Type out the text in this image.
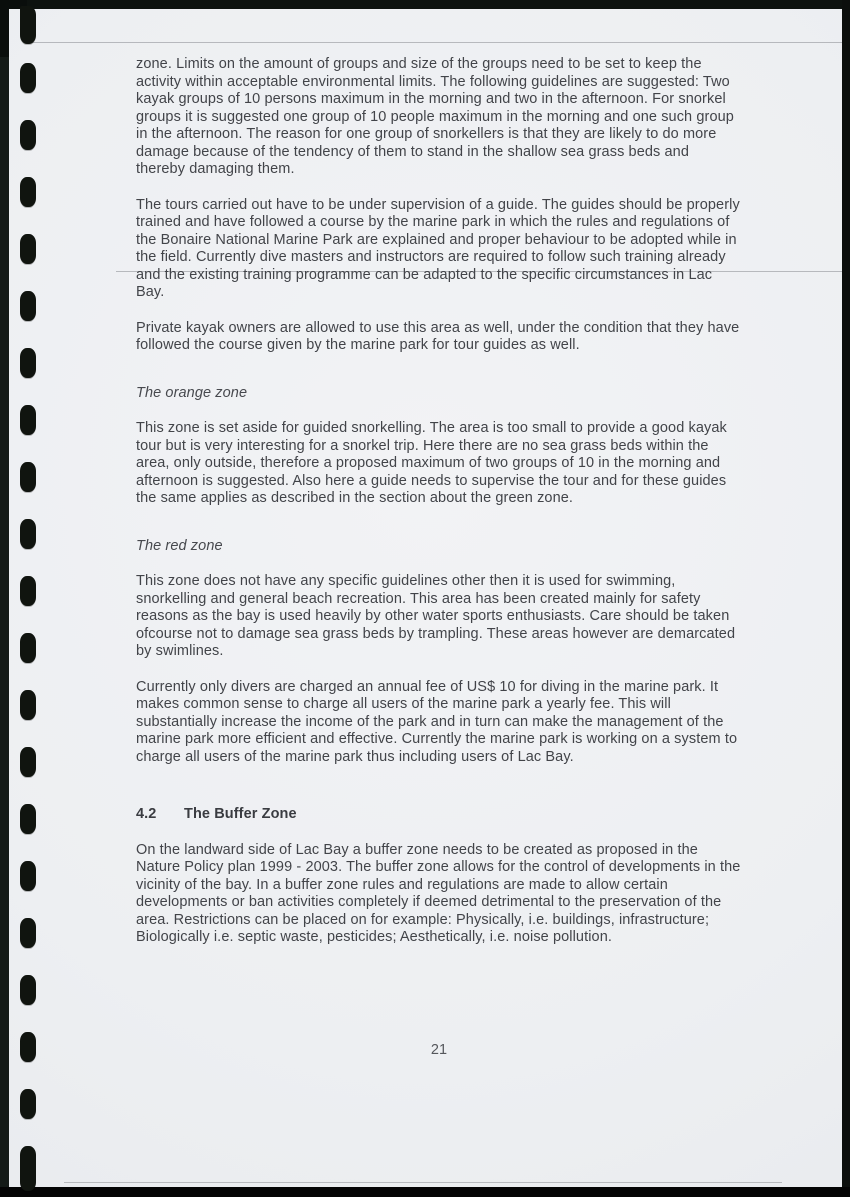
zone. Limits on the amount of groups and size of the groups need to be set to keep the activity within acceptable environmental limits. The following guidelines are suggested: Two kayak groups of 10 persons maximum in the morning and two in the afternoon. For snorkel groups it is suggested one group of 10 people maximum in the morning and one such group in the afternoon. The reason for one group of snorkellers is that they are likely to do more damage because of the tendency of them to stand in the shallow sea grass beds and thereby damaging them.

The tours carried out have to be under supervision of a guide. The guides should be properly trained and have followed a course by the marine park in which the rules and regulations of the Bonaire National Marine Park are explained and proper behaviour to be adopted while in the field. Currently dive masters and instructors are required to follow such training already and the existing training programme can be adapted to the specific circumstances in Lac Bay.

Private kayak owners are allowed to use this area as well, under the condition that they have followed the course given by the marine park for tour guides as well.

The orange zone

This zone is set aside for guided snorkelling. The area is too small to provide a good kayak tour but is very interesting for a snorkel trip. Here there are no sea grass beds within the area, only outside, therefore a proposed maximum of two groups of 10 in the morning and afternoon is suggested. Also here a guide needs to supervise the tour and for these guides the same applies as described in the section about the green zone.

The red zone

This zone does not have any specific guidelines other then it is used for swimming, snorkelling and general beach recreation. This area has been created mainly for safety reasons as the bay is used heavily by other water sports enthusiasts. Care should be taken ofcourse not to damage sea grass beds by trampling. These areas however are demarcated by swimlines.

Currently only divers are charged an annual fee of US$ 10 for diving in the marine park. It makes common sense to charge all users of the marine park a yearly fee. This will substantially increase the income of the park and in turn can make the management of the marine park more efficient and effective. Currently the marine park is working on a system to charge all users of the marine park thus including users of Lac Bay.

4.2 The Buffer Zone

On the landward side of Lac Bay a buffer zone needs to be created as proposed in the Nature Policy plan 1999 - 2003. The buffer zone allows for the control of developments in the vicinity of the bay. In a buffer zone rules and regulations are made to allow certain developments or ban activities completely if deemed detrimental to the preservation of the area. Restrictions can be placed on for example: Physically, i.e. buildings, infrastructure; Biologically i.e. septic waste, pesticides; Aesthetically, i.e. noise pollution.

21
